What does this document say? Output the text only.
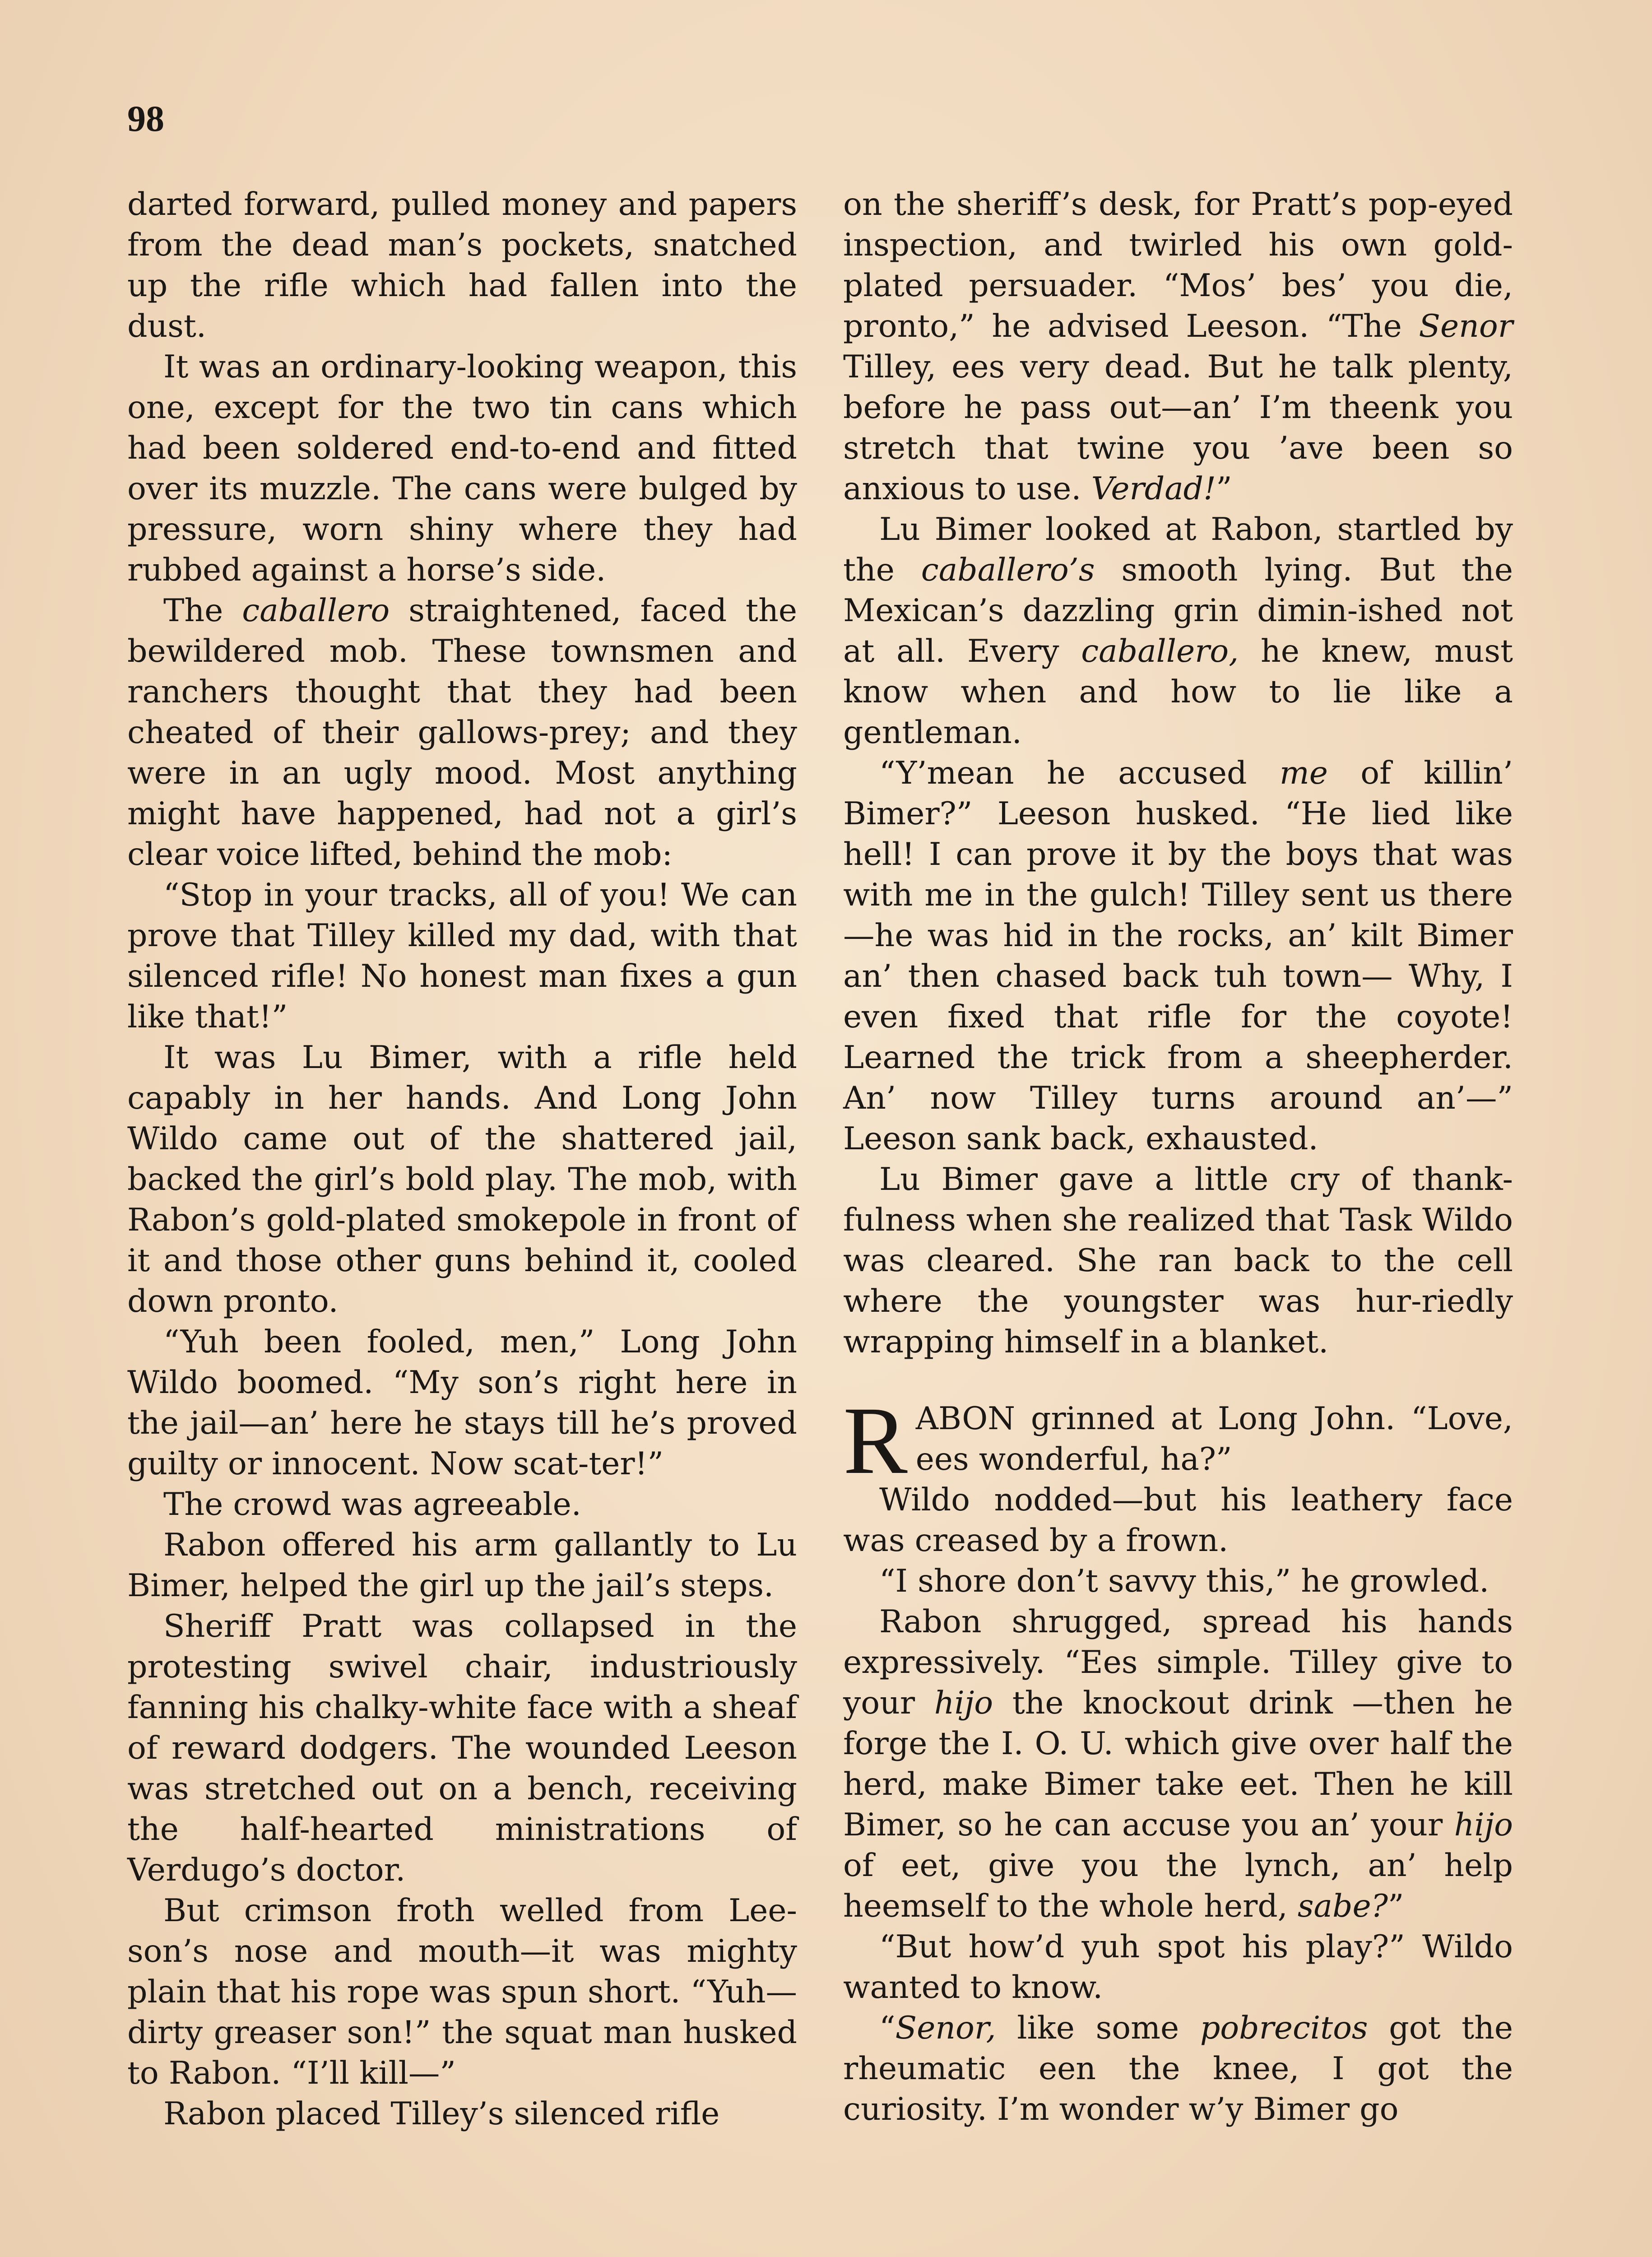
98

darted forward, pulled money and papers from the dead man’s pockets, snatched up the rifle which had fallen into the dust.

It was an ordinary-looking weapon, this one, except for the two tin cans which had been soldered end-to-end and fitted over its muzzle. The cans were bulged by pressure, worn shiny where they had rubbed against a horse’s side.

The caballero straightened, faced the bewildered mob. These townsmen and ranchers thought that they had been cheated of their gallows-prey; and they were in an ugly mood. Most anything might have happened, had not a girl’s clear voice lifted, behind the mob:

“Stop in your tracks, all of you! We can prove that Tilley killed my dad, with that silenced rifle! No honest man fixes a gun like that!”

It was Lu Bimer, with a rifle held capably in her hands. And Long John Wildo came out of the shattered jail, backed the girl’s bold play. The mob, with Rabon’s gold-plated smokepole in front of it and those other guns behind it, cooled down pronto.

“Yuh been fooled, men,” Long John Wildo boomed. “My son’s right here in the jail—an’ here he stays till he’s proved guilty or innocent. Now scat-ter!”

The crowd was agreeable.

Rabon offered his arm gallantly to Lu Bimer, helped the girl up the jail’s steps.

Sheriff Pratt was collapsed in the protesting swivel chair, industriously fanning his chalky-white face with a sheaf of reward dodgers. The wounded Leeson was stretched out on a bench, receiving the half-hearted ministrations of Verdugo’s doctor.

But crimson froth welled from Lee-son’s nose and mouth—it was mighty plain that his rope was spun short. “Yuh—dirty greaser son!” the squat man husked to Rabon. “I’ll kill—”

Rabon placed Tilley’s silenced rifle

on the sheriff’s desk, for Pratt’s pop-eyed inspection, and twirled his own gold-plated persuader. “Mos’ bes’ you die, pronto,” he advised Leeson. “The Senor Tilley, ees very dead. But he talk plenty, before he pass out—an’ I’m theenk you stretch that twine you ’ave been so anxious to use. Verdad!”

Lu Bimer looked at Rabon, startled by the caballero’s smooth lying. But the Mexican’s dazzling grin dimin-ished not at all. Every caballero, he knew, must know when and how to lie like a gentleman.

“Y’mean he accused me of killin’ Bimer?” Leeson husked. “He lied like hell! I can prove it by the boys that was with me in the gulch! Tilley sent us there—he was hid in the rocks, an’ kilt Bimer an’ then chased back tuh town— Why, I even fixed that rifle for the coyote! Learned the trick from a sheepherder. An’ now Tilley turns around an’—” Leeson sank back, exhausted.

Lu Bimer gave a little cry of thank-fulness when she realized that Task Wildo was cleared. She ran back to the cell where the youngster was hur-riedly wrapping himself in a blanket.

RABON grinned at Long John. “Love, ees wonderful, ha?”

Wildo nodded—but his leathery face was creased by a frown.

“I shore don’t savvy this,” he growled.

Rabon shrugged, spread his hands expressively. “Ees simple. Tilley give to your hijo the knockout drink —then he forge the I. O. U. which give over half the herd, make Bimer take eet. Then he kill Bimer, so he can accuse you an’ your hijo of eet, give you the lynch, an’ help heemself to the whole herd, sabe?”

“But how’d yuh spot his play?” Wildo wanted to know.

“Senor, like some pobrecitos got the rheumatic een the knee, I got the curiosity. I’m wonder w’y Bimer go
